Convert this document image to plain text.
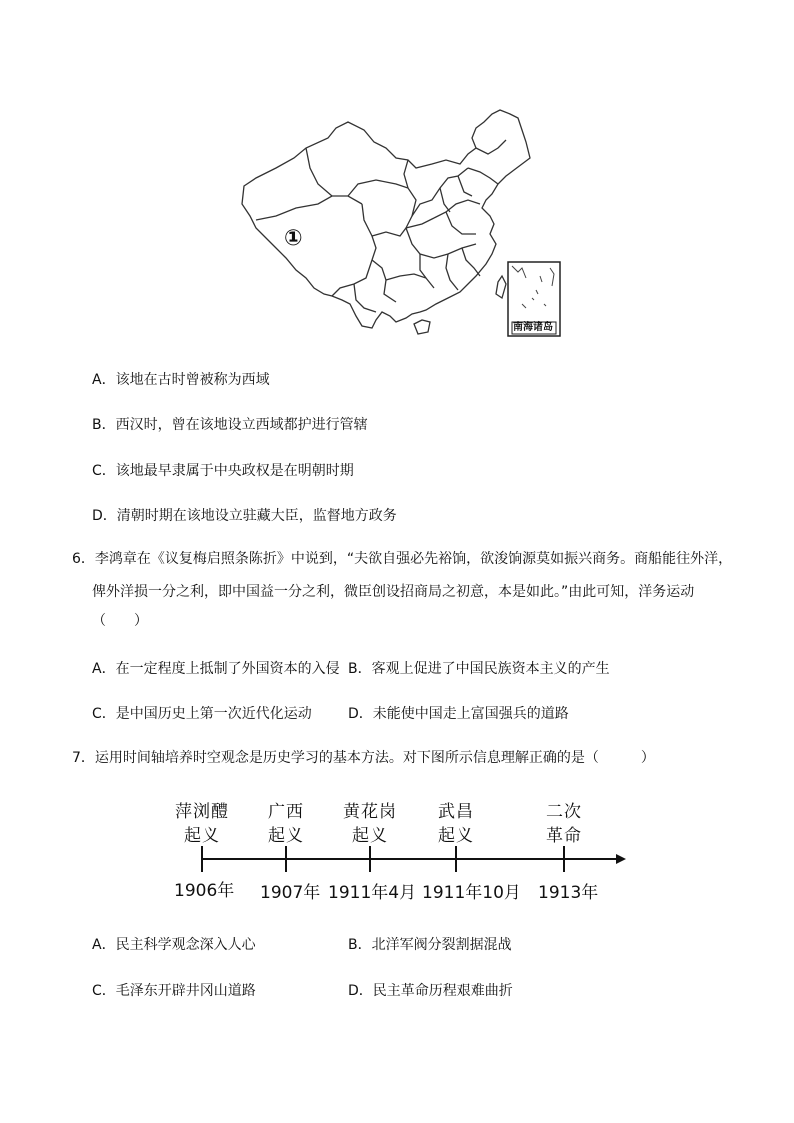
①
南海诸岛
A．该地在古时曾被称为西域
B．西汉时，曾在该地设立西域都护进行管辖
C．该地最早隶属于中央政权是在明朝时期
D．清朝时期在该地设立驻藏大臣，监督地方政务
6．李鸿章在《议复梅启照条陈折》中说到，“夫欲自强必先裕饷，欲浚饷源莫如振兴商务。商船能往外洋，
俾外洋损一分之利，即中国益一分之利，微臣创设招商局之初意，本是如此。”由此可知，洋务运动
（　　）
A．在一定程度上抵制了外国资本的入侵 B．客观上促进了中国民族资本主义的产生
C．是中国历史上第一次近代化运动	D．未能使中国走上富国强兵的道路
7．运用时间轴培养时空观念是历史学习的基本方法。对下图所示信息理解正确的是（　　　）
萍浏醴
起义
广西
起义
黄花岗
起义
武昌
起义
二次
革命
1906年 1907年 1911年4月 1911年10月 1913年
A．民主科学观念深入人心	B．北洋军阀分裂割据混战
C．毛泽东开辟井冈山道路	D．民主革命历程艰难曲折
